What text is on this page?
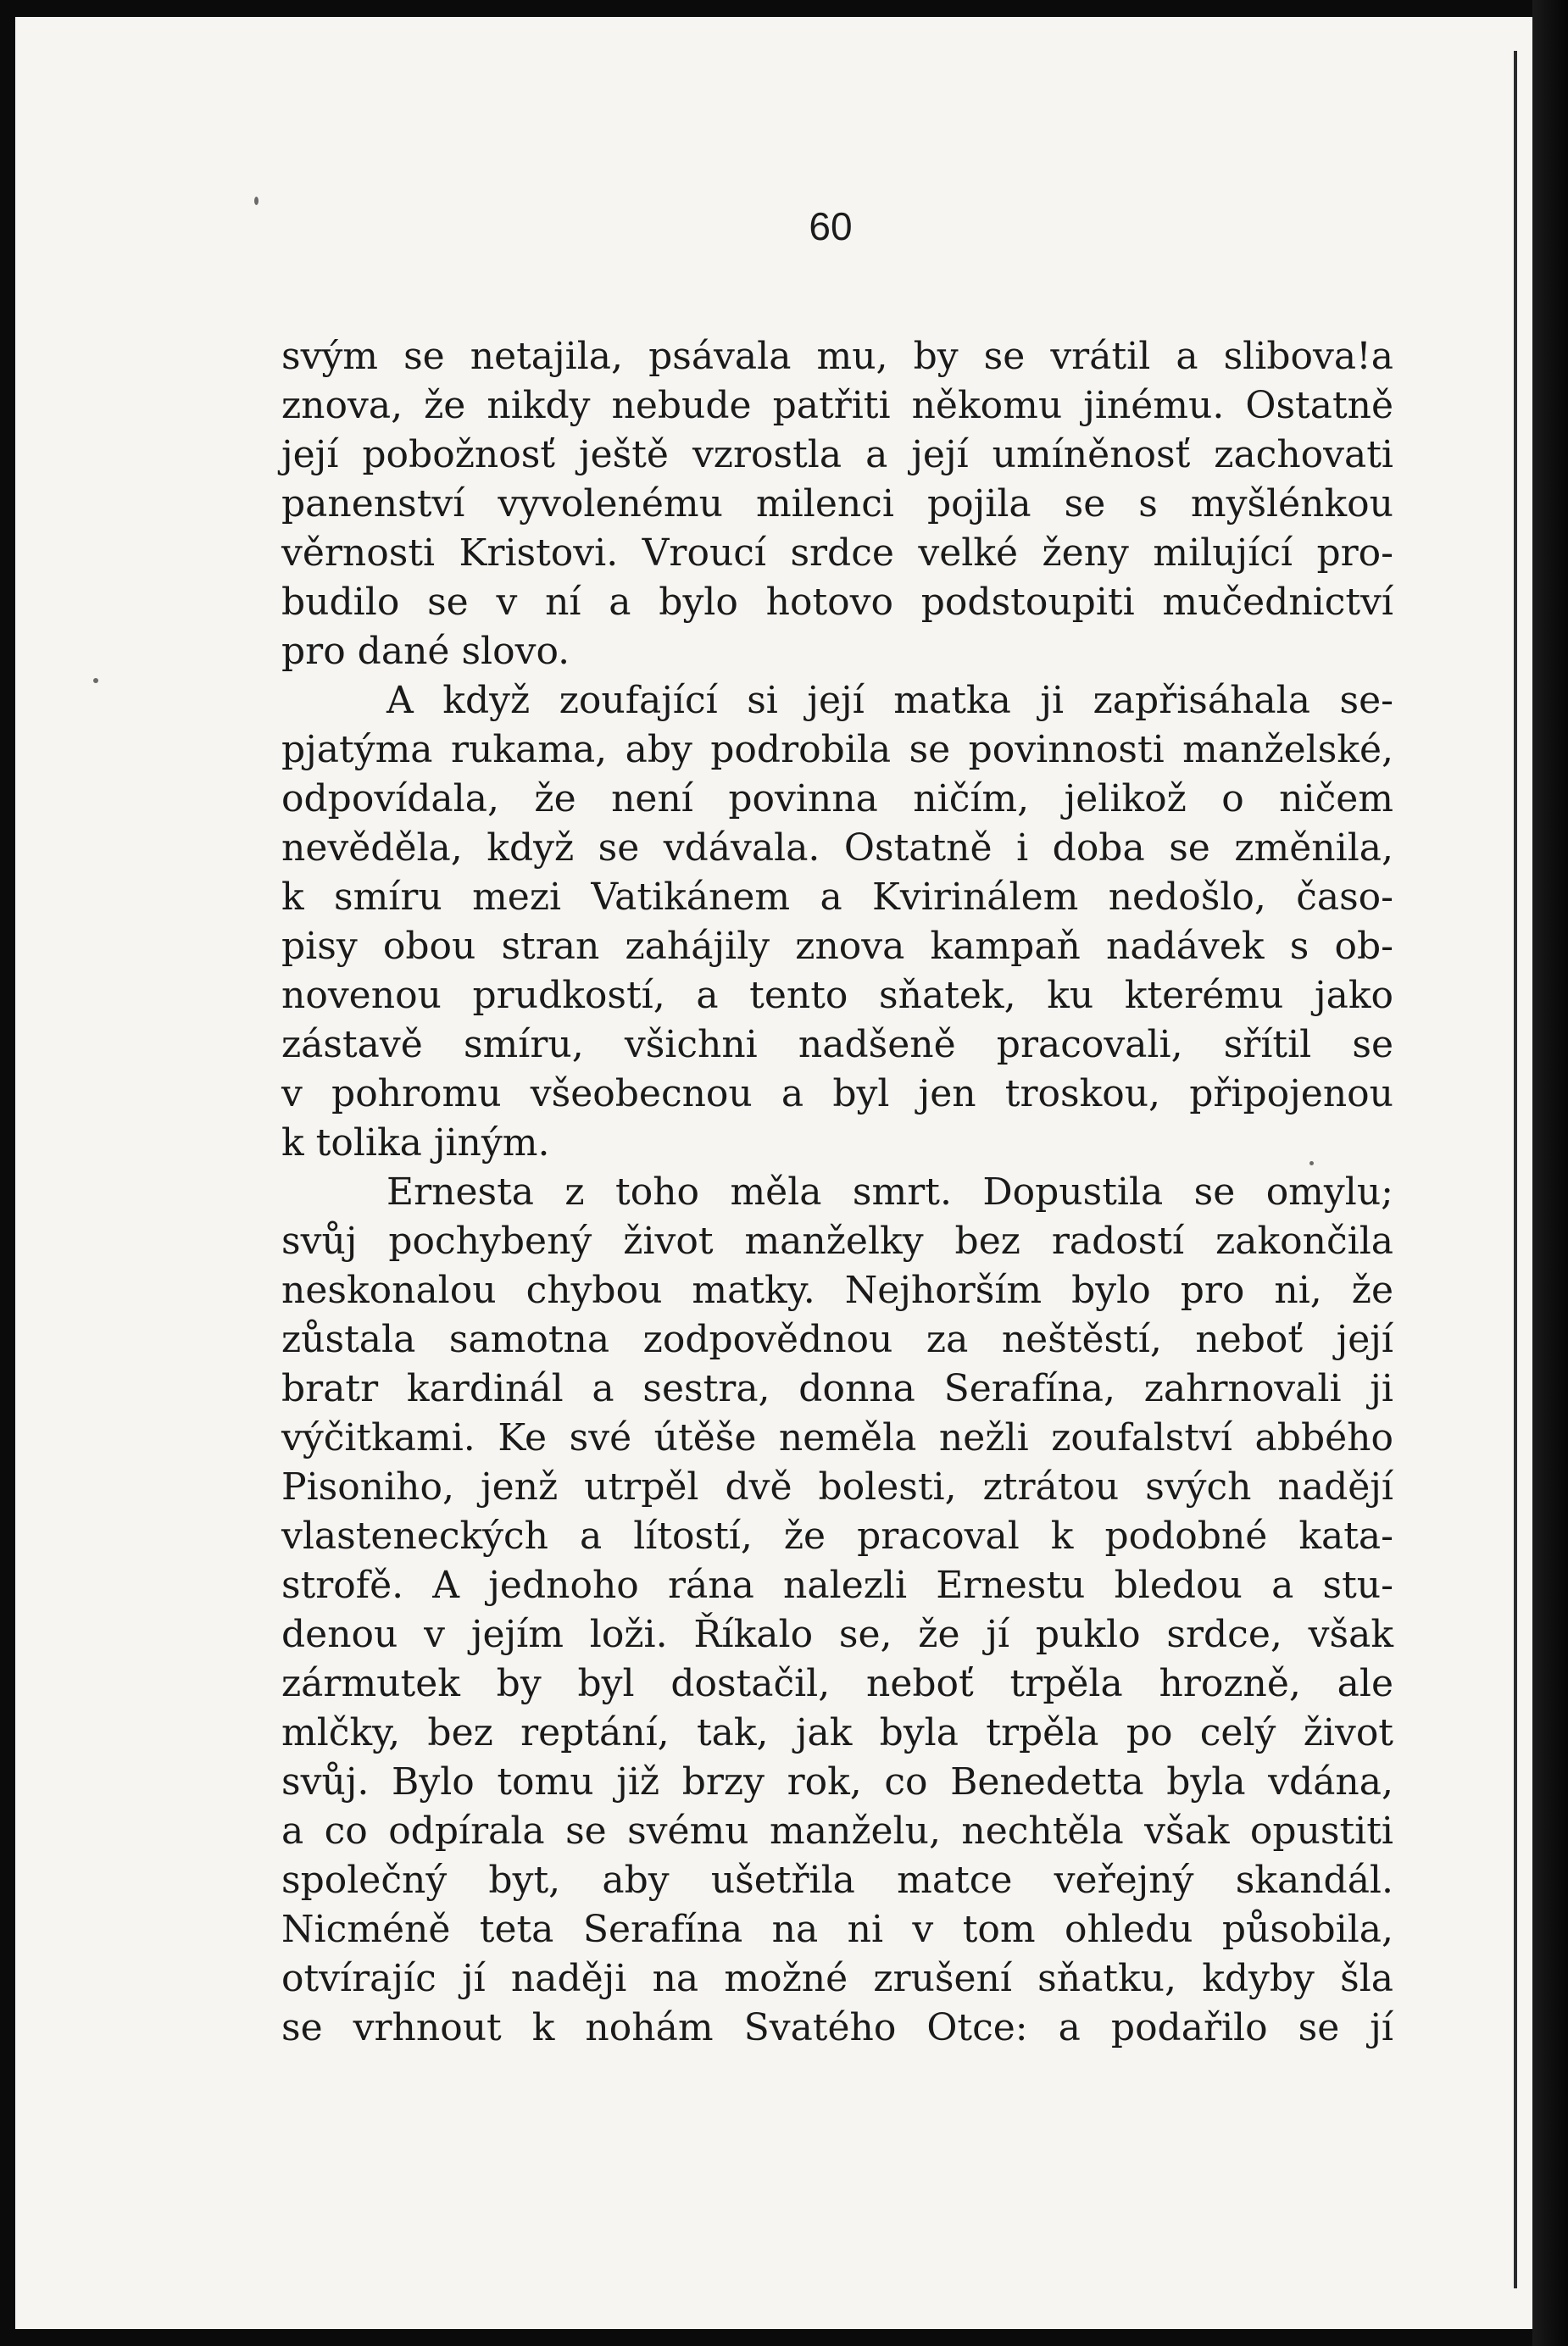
60
svým se netajila, psávala mu, by se vrátil a slibova!a
znova, že nikdy nebude patřiti někomu jinému. Ostatně
její pobožnosť ještě vzrostla a její umíněnosť zachovati
panenství vyvolenému milenci pojila se s myšlénkou
věrnosti Kristovi. Vroucí srdce velké ženy milující pro-
budilo se v ní a bylo hotovo podstoupiti mučednictví
pro dané slovo.
A když zoufající si její matka ji zapřisáhala se-
pjatýma rukama, aby podrobila se povinnosti manželské,
odpovídala, že není povinna ničím, jelikož o ničem
nevěděla, když se vdávala. Ostatně i doba se změnila,
k smíru mezi Vatikánem a Kvirinálem nedošlo, časo-
pisy obou stran zahájily znova kampaň nadávek s ob-
novenou prudkostí, a tento sňatek, ku kterému jako
zástavě smíru, všichni nadšeně pracovali, sřítil se
v pohromu všeobecnou a byl jen troskou, připojenou
k tolika jiným.
Ernesta z toho měla smrt. Dopustila se omylu;
svůj pochybený život manželky bez radostí zakončila
neskonalou chybou matky. Nejhorším bylo pro ni, že
zůstala samotna zodpovědnou za neštěstí, neboť její
bratr kardinál a sestra, donna Serafína, zahrnovali ji
výčitkami. Ke své útěše neměla nežli zoufalství abbého
Pisoniho, jenž utrpěl dvě bolesti, ztrátou svých nadějí
vlasteneckých a lítostí, že pracoval k podobné kata-
strofě. A jednoho rána nalezli Ernestu bledou a stu-
denou v jejím loži. Říkalo se, že jí puklo srdce, však
zármutek by byl dostačil, neboť trpěla hrozně, ale
mlčky, bez reptání, tak, jak byla trpěla po celý život
svůj. Bylo tomu již brzy rok, co Benedetta byla vdána,
a co odpírala se svému manželu, nechtěla však opustiti
společný byt, aby ušetřila matce veřejný skandál.
Nicméně teta Serafína na ni v tom ohledu působila,
otvírajíc jí naději na možné zrušení sňatku, kdyby šla
se vrhnout k nohám Svatého Otce: a podařilo se jí
